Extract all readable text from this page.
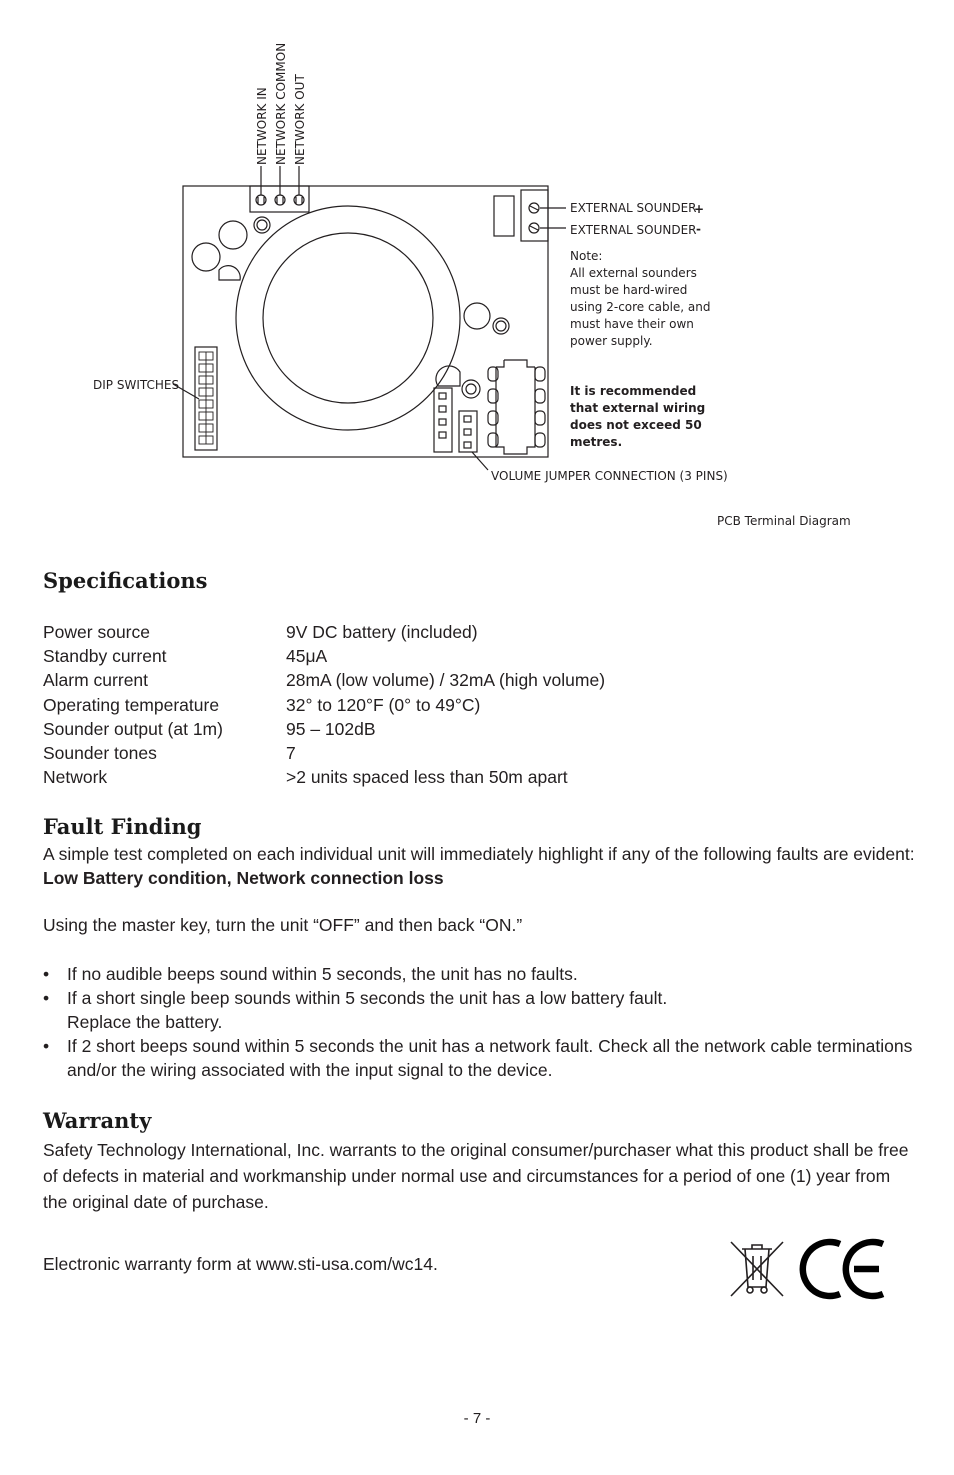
NETWORK IN NETWORK COMMON NETWORK OUT
EXTERNAL SOUNDER
+
EXTERNAL SOUNDER -
Note:
All external sounders
must be hard-wired
using 2-core cable, and
must have their own
power supply.
It is recommended
that external wiring
does not exceed 50
metres.
DIP SWITCHES
VOLUME JUMPER CONNECTION (3 PINS)
PCB Terminal Diagram
Specifications
Power source	9V DC battery (included)
Standby current	45μA
Alarm current	28mA (low volume) / 32mA (high volume)
Operating temperature	32° to 120°F (0° to 49°C)
Sounder output (at 1m)	95 – 102dB
Sounder tones	7
Network	>2 units spaced less than 50m apart
Fault Finding

A simple test completed on each individual unit will immediately highlight if any of the following faults are evident: Low Battery condition, Network connection loss

Using the master key, turn the unit “OFF” and then back “ON.”

• If no audible beeps sound within 5 seconds, the unit has no faults.
• If a short single beep sounds within 5 seconds the unit has a low battery fault.
Replace the battery.
• If 2 short beeps sound within 5 seconds the unit has a network fault. Check all the network cable terminations and/or the wiring associated with the input signal to the device.
Warranty

Safety Technology International, Inc. warrants to the original consumer/purchaser what this product shall be free of defects in material and workmanship under normal use and circumstances for a period of one (1) year from the original date of purchase.

Electronic warranty form at www.sti-usa.com/wc14.

- 7 -
